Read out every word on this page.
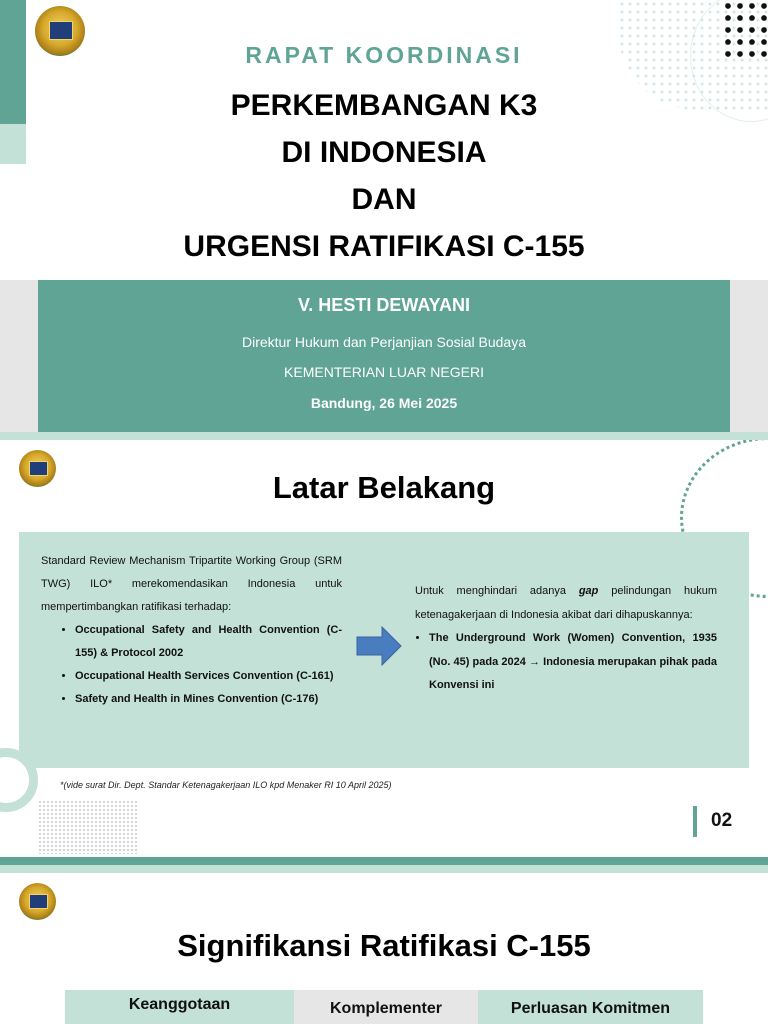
RAPAT KOORDINASI
PERKEMBANGAN K3
DI INDONESIA
DAN
URGENSI RATIFIKASI C-155
V. HESTI DEWAYANI
Direktur Hukum dan Perjanjian Sosial Budaya
KEMENTERIAN LUAR NEGERI
Bandung, 26 Mei 2025
Latar Belakang
Standard Review Mechanism Tripartite Working Group (SRM TWG) ILO* merekomendasikan Indonesia untuk mempertimbangkan ratifikasi terhadap:
• Occupational Safety and Health Convention (C-155) & Protocol 2002
• Occupational Health Services Convention (C-161)
• Safety and Health in Mines Convention (C-176)
Untuk menghindari adanya gap pelindungan hukum ketenagakerjaan di Indonesia akibat dari dihapuskannya:
• The Underground Work (Women) Convention, 1935 (No. 45) pada 2024 → Indonesia merupakan pihak pada Konvensi ini
*(vide surat Dir. Dept. Standar Ketenagakerjaan ILO kpd Menaker RI 10 April 2025)
02
Signifikansi Ratifikasi C-155
Keanggotaan	Komplementer	Perluasan Komitmen
